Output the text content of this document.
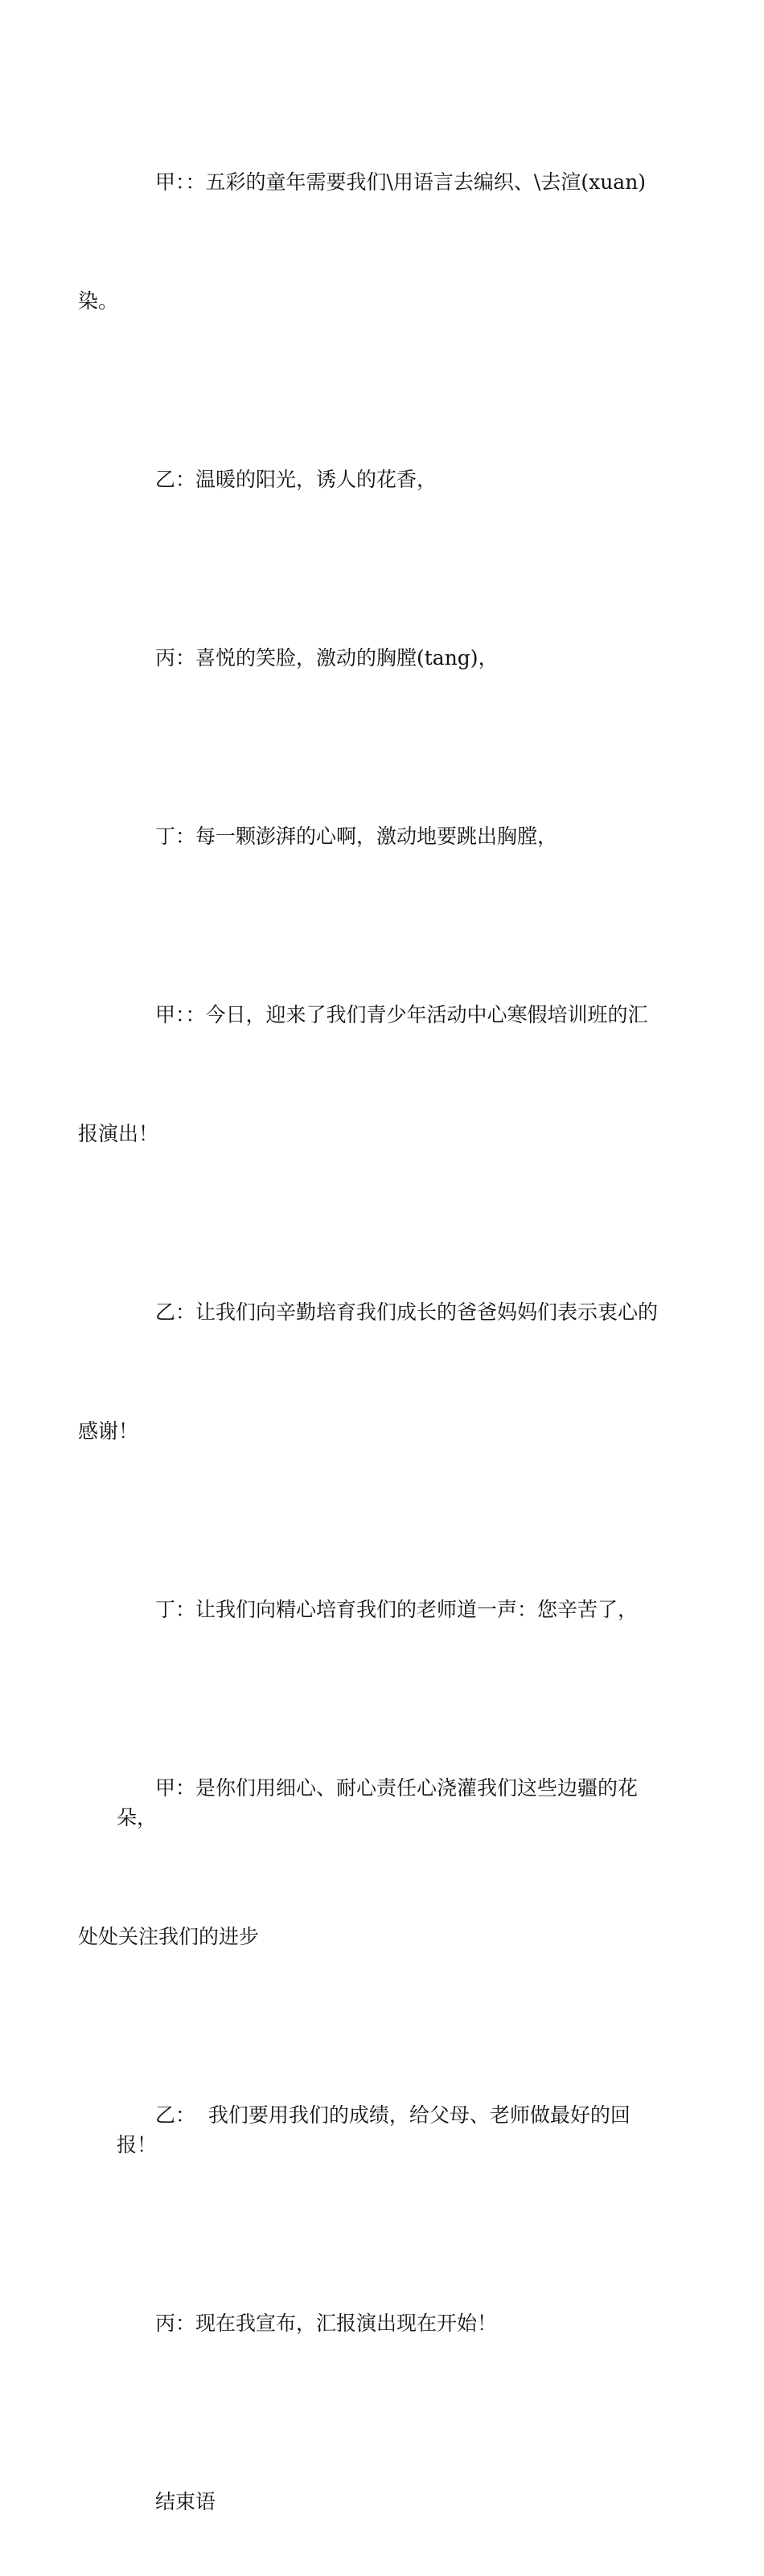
甲：：五彩的童年需要我们\用语言去编织、\去渲(xuan)

染。

乙：温暖的阳光，诱人的花香，

丙：喜悦的笑脸，激动的胸膛(tang)，

丁：每一颗澎湃的心啊，激动地要跳出胸膛，

甲：：今日，迎来了我们青少年活动中心寒假培训班的汇

报演出！

乙：让我们向辛勤培育我们成长的爸爸妈妈们表示衷心的

感谢！

丁：让我们向精心培育我们的老师道一声：您辛苦了，

甲：是你们用细心、耐心责任心浇灌我们这些边疆的花朵，

处处关注我们的进步

乙：  我们要用我们的成绩，给父母、老师做最好的回报！

丙：现在我宣布，汇报演出现在开始！

结束语
